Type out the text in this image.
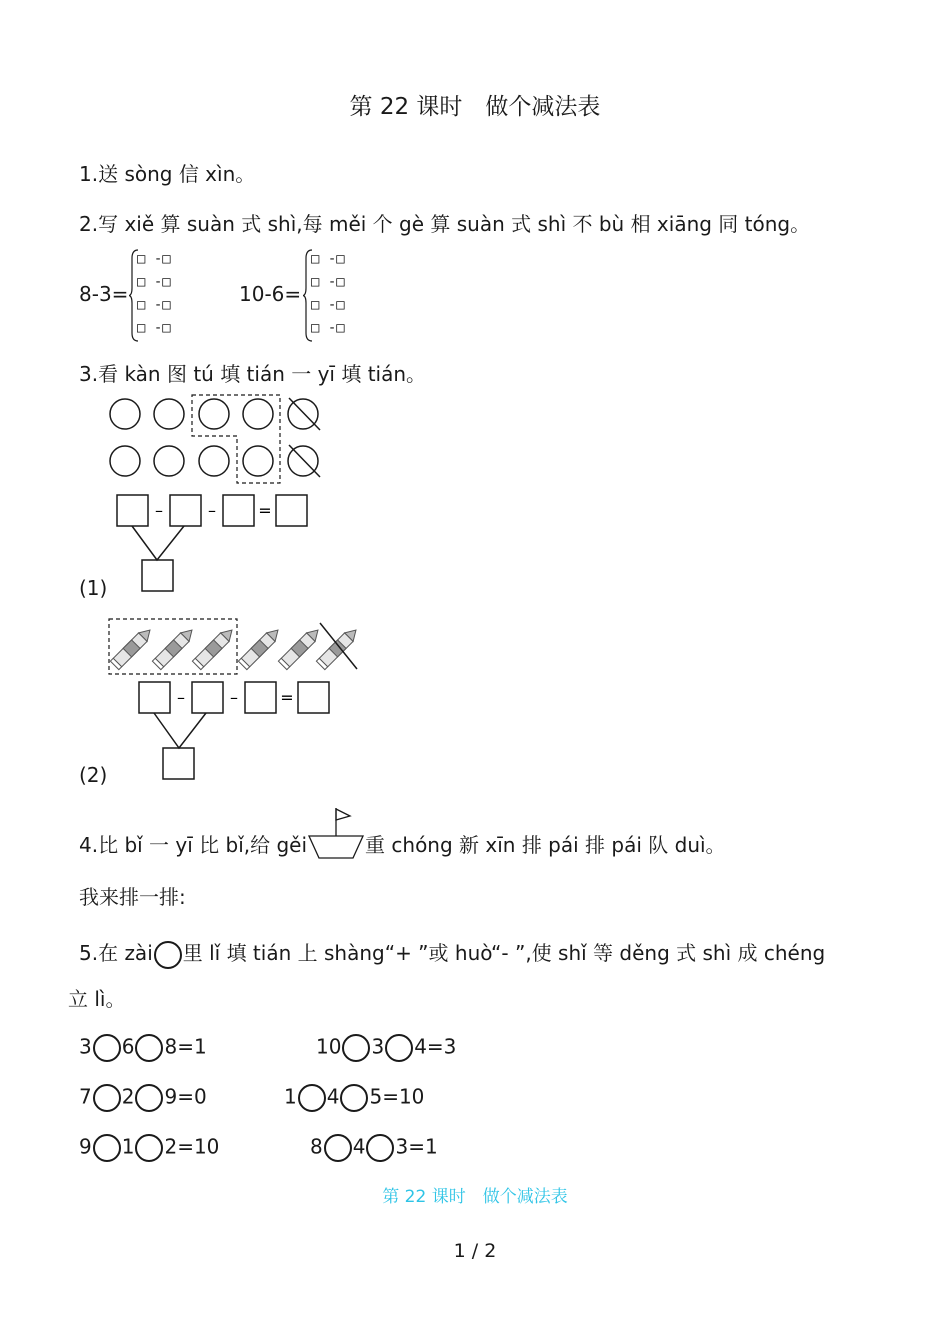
第 22 课时　做个减法表
1.送 sòng 信 xìn。
2.写 xiě 算 suàn 式 shì,每 měi 个 gè 算 suàn 式 shì 不 bù 相 xiāng 同 tóng。
8-3=
□ -□
□ -□
□ -□
□ -□
10-6=
□ -□
□ -□
□ -□
□ -□
3.看 kàn 图 tú 填 tián 一 yī 填 tián。
–	–	=
(1)
–	–	=
(2)
4.比 bǐ 一 yī 比 bǐ,给 gěi	重 chóng 新 xīn 排 pái 排 pái 队 duì。
我来排一排:
5.在 zài 里 lǐ 填 tián 上 shàng“+ ”或 huò“- ”,使 shǐ 等 děng 式 shì 成 chéng
立 lì。
3 6 8=1	10 3 4=3
7 2 9=0	1 4 5=10
9 1 2=10	8 4 3=1
第 22 课时　做个减法表
1 / 2
